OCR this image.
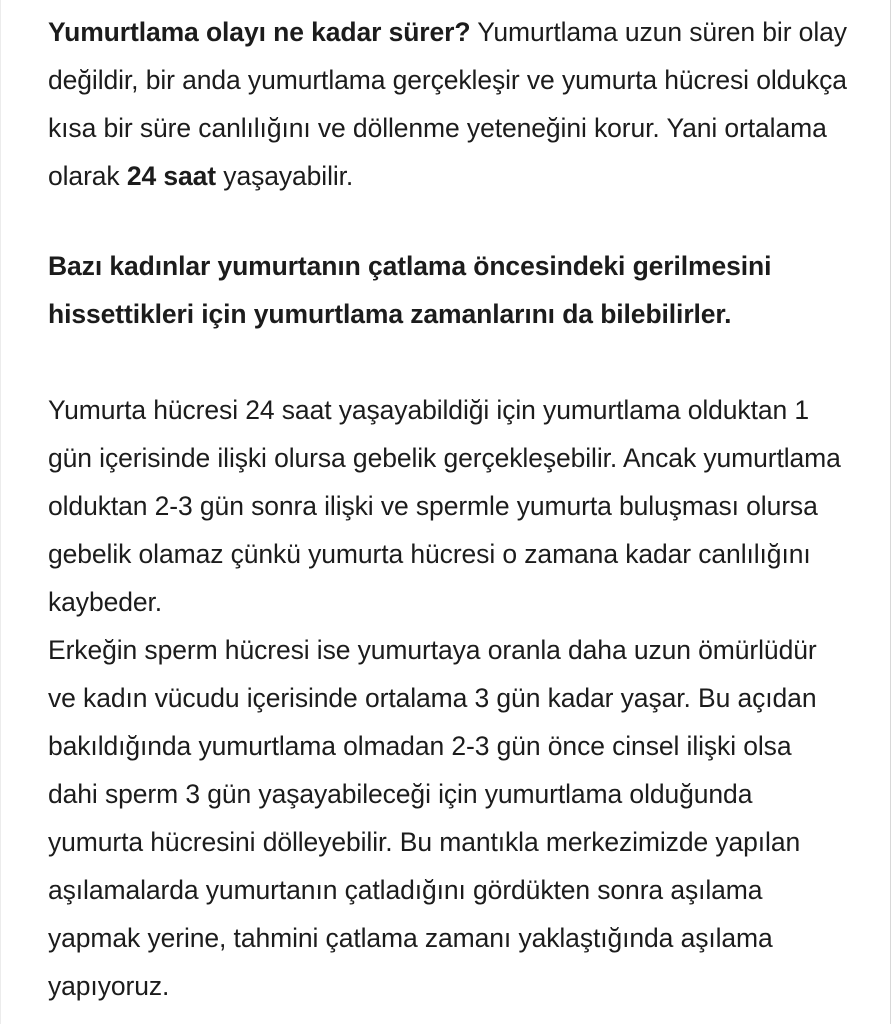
Yumurtlama olayı ne kadar sürer? Yumurtlama uzun süren bir olay değildir, bir anda yumurtlama gerçekleşir ve yumurta hücresi oldukça kısa bir süre canlılığını ve döllenme yeteneğini korur. Yani ortalama olarak 24 saat yaşayabilir.

Bazı kadınlar yumurtanın çatlama öncesindeki gerilmesini hissettikleri için yumurtlama zamanlarını da bilebilirler.

Yumurta hücresi 24 saat yaşayabildiği için yumurtlama olduktan 1 gün içerisinde ilişki olursa gebelik gerçekleşebilir. Ancak yumurtlama olduktan 2-3 gün sonra ilişki ve spermle yumurta buluşması olursa gebelik olamaz çünkü yumurta hücresi o zamana kadar canlılığını kaybeder.

Erkeğin sperm hücresi ise yumurtaya oranla daha uzun ömürlüdür ve kadın vücudu içerisinde ortalama 3 gün kadar yaşar. Bu açıdan bakıldığında yumurtlama olmadan 2-3 gün önce cinsel ilişki olsa dahi sperm 3 gün yaşayabileceği için yumurtlama olduğunda yumurta hücresini dölleyebilir. Bu mantıkla merkezimizde yapılan aşılamalarda yumurtanın çatladığını gördükten sonra aşılama yapmak yerine, tahmini çatlama zamanı yaklaştığında aşılama yapıyoruz.
